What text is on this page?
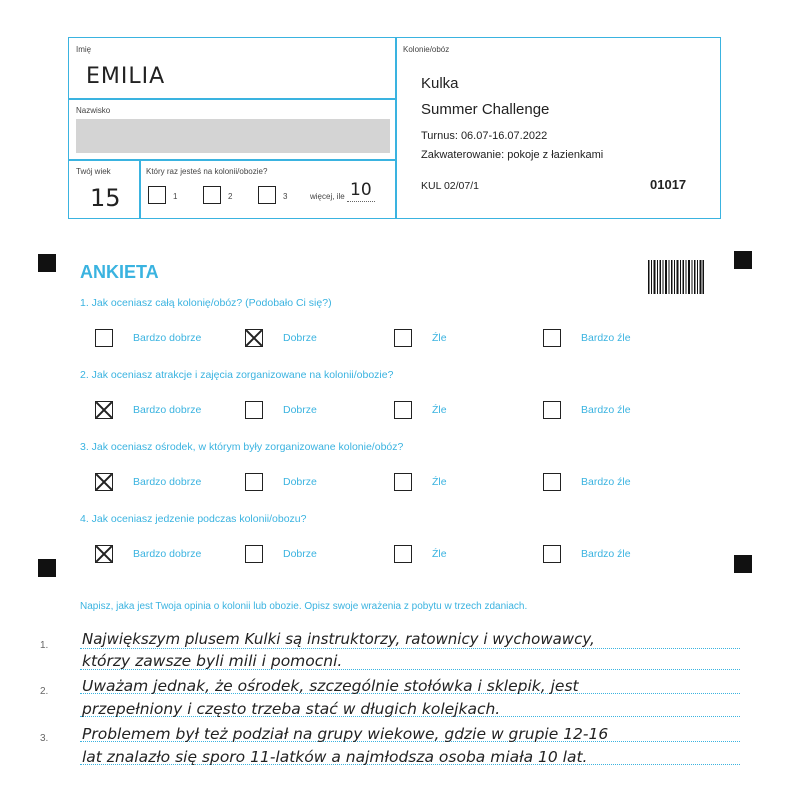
Imię
EMILIA
Nazwisko
Twój wiek
15
Który raz jesteś na kolonii/obozie?
1	2	3	więcej, ile 10
Kolonie/obóz
Kulka
Summer Challenge
Turnus: 06.07-16.07.2022
Zakwaterowanie: pokoje z łazienkami
KUL 02/07/1	01017
ANKIETA
1. Jak oceniasz całą kolonię/obóz? (Podobało Ci się?)
Bardzo dobrze	Dobrze	Źle	Bardzo źle
2. Jak oceniasz atrakcje i zajęcia zorganizowane na kolonii/obozie?
Bardzo dobrze	Dobrze	Źle	Bardzo źle
3. Jak oceniasz ośrodek, w którym były zorganizowane kolonie/obóz?
Bardzo dobrze	Dobrze	Źle	Bardzo źle
4. Jak oceniasz jedzenie podczas kolonii/obozu?
Bardzo dobrze	Dobrze	Źle	Bardzo źle
Napisz, jaka jest Twoja opinia o kolonii lub obozie. Opisz swoje wrażenia z pobytu w trzech zdaniach.
1.
2.
3.
Największym plusem Kulki są instruktorzy, ratownicy i wychowawcy,
którzy zawsze byli mili i pomocni.
Uważam jednak, że ośrodek, szczególnie stołówka i sklepik, jest
przepełniony i często trzeba stać w długich kolejkach.
Problemem był też podział na grupy wiekowe, gdzie w grupie 12-16
lat znalazło się sporo 11-latków a najmłodsza osoba miała 10 lat.
